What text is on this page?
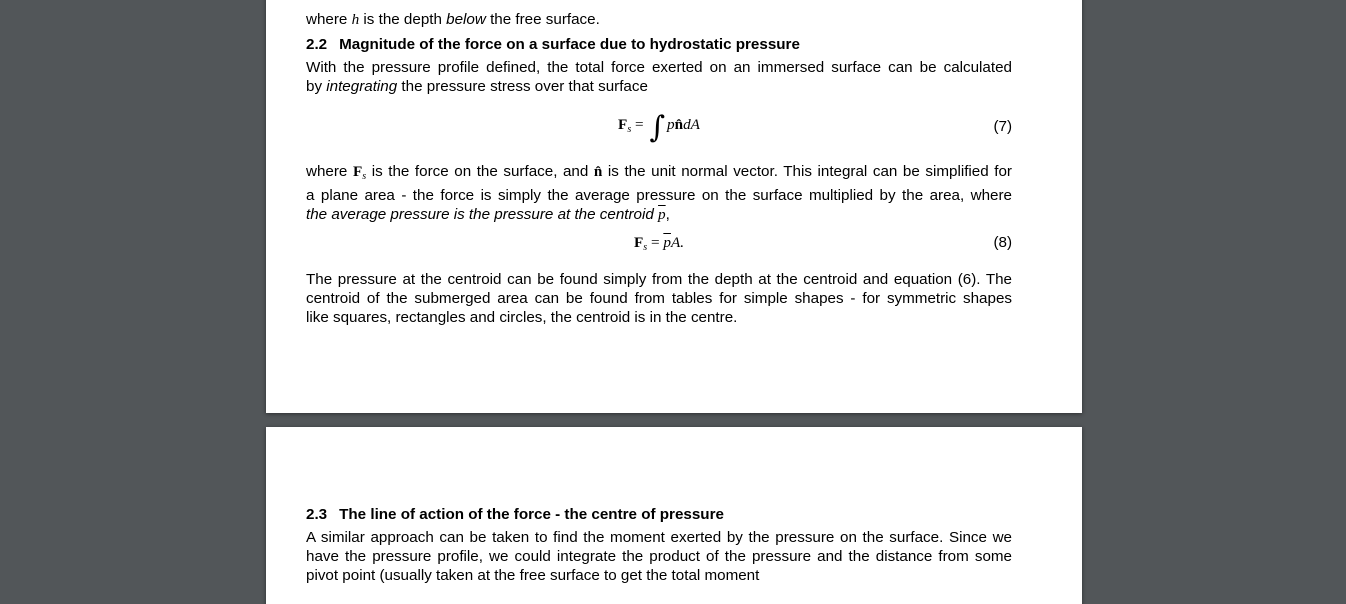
where h is the depth below the free surface.
2.2 Magnitude of the force on a surface due to hydrostatic pressure
With the pressure profile defined, the total force exerted on an immersed surface can be calculated
by integrating the pressure stress over that surface
$F_s$ = ∫ pn̂dA	(7)
where $F_s$ is the force on the surface, and n̂ is the unit normal vector. This integral can be simplified for
a plane area - the force is simply the average pressure on the surface multiplied by the area, where
the average pressure is the pressure at the centroid $\overline{p}$,
$F_s = \overline{p}A$.	(8)
The pressure at the centroid can be found simply from the depth at the centroid and equation (6). The
centroid of the submerged area can be found from tables for simple shapes - for symmetric shapes
like squares, rectangles and circles, the centroid is in the centre.
2.3 The line of action of the force - the centre of pressure
A similar approach can be taken to find the moment exerted by the pressure on the surface. Since we
have the pressure profile, we could integrate the product of the pressure and the distance from some
pivot point (usually taken at the free surface to get the total moment
